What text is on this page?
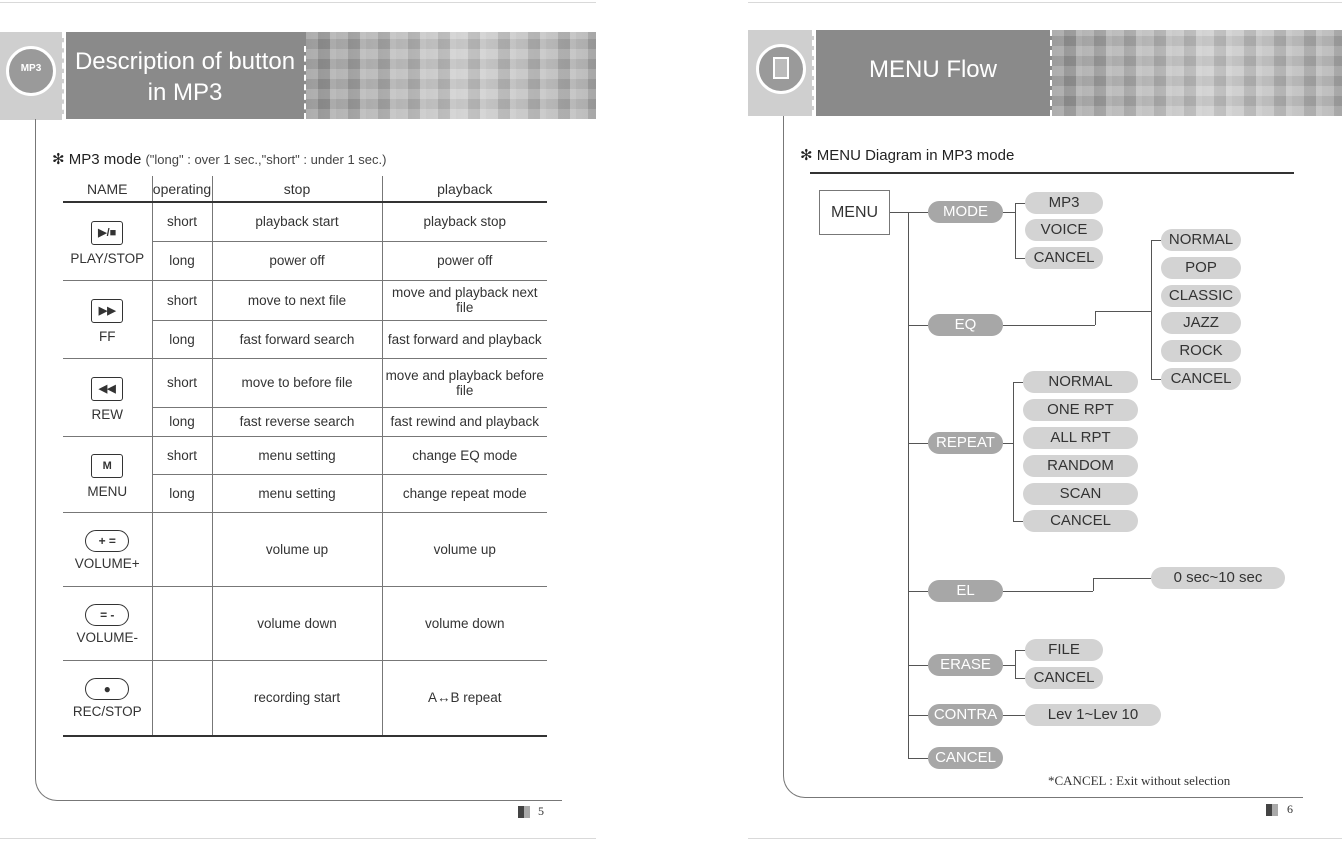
MP3	Description of button
in MP3
✻ MP3 mode ("long" : over 1 sec.,"short" : under 1 sec.)
NAME	operating	stop	playback
▶/■
PLAY/STOP	short	playback start	playback stop
	long	power off	power off
▶▶
FF	short	move to next file	move and playback next file
	long	fast forward search	fast forward and playback
◀◀
REW	short	move to before file	move and playback before file
	long	fast reverse search	fast rewind and playback
M
MENU	short	menu setting	change EQ mode
	long	menu setting	change repeat mode
+ =
VOLUME+		volume up	volume up
= -
VOLUME-		volume down	volume down
●
REC/STOP		recording start	A↔B repeat
5
MENU Flow
✻ MENU Diagram in MP3 mode
MENU	MODE
EQ
REPEAT
EL
ERASE
CONTRA
CANCEL
MP3
VOICE
CANCEL
NORMAL
POP
CLASSIC
JAZZ
ROCK
CANCEL
NORMAL
ONE RPT
ALL RPT
RANDOM
SCAN
CANCEL
0 sec~10 sec
FILE
CANCEL
Lev 1~Lev 10
*CANCEL : Exit without selection
6
